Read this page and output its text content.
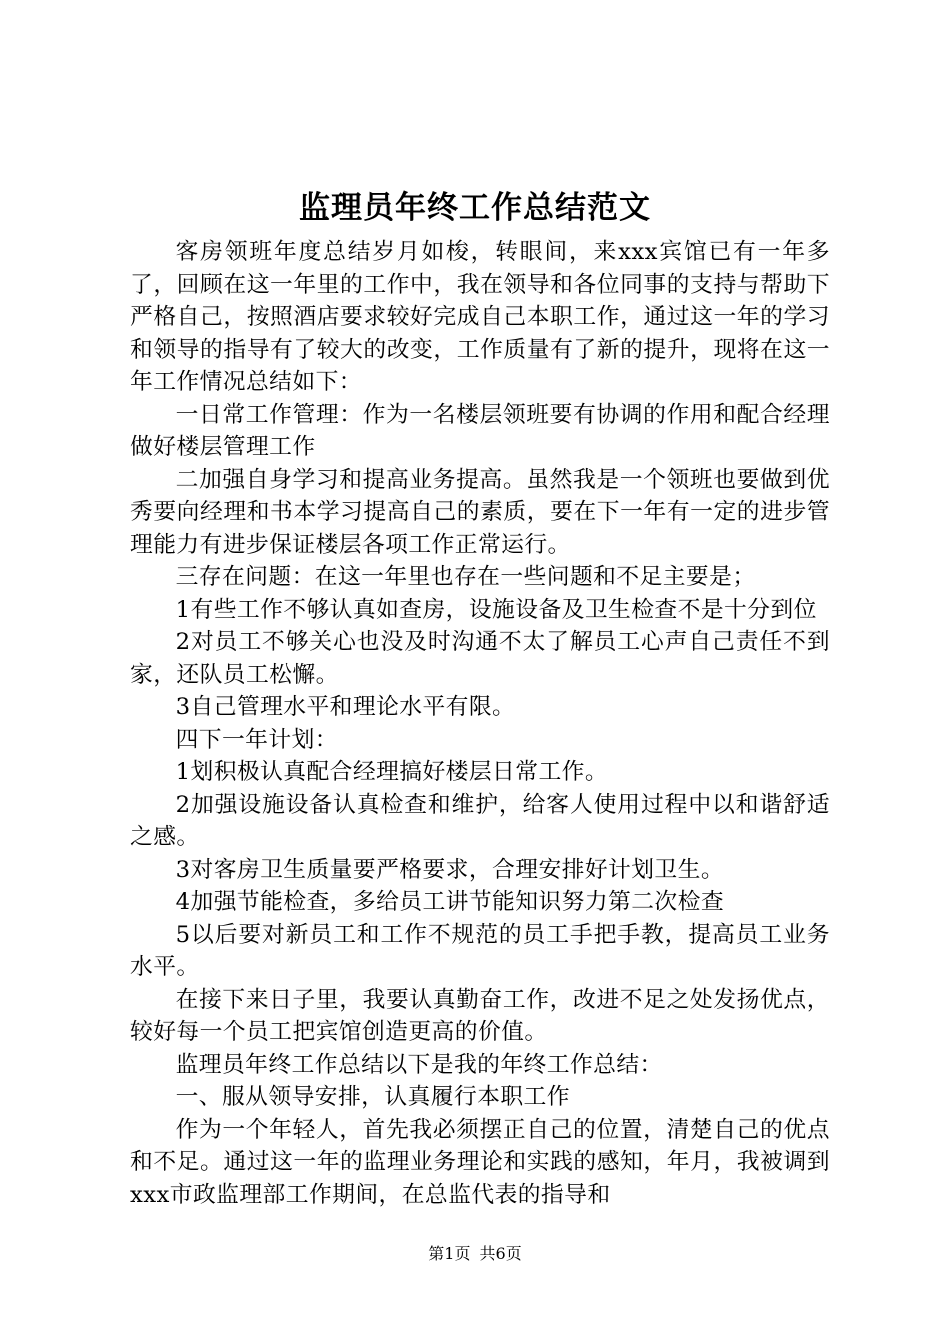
监理员年终工作总结范文

客房领班年度总结岁月如梭，转眼间，来xxx宾馆已有一年多了，回顾在这一年里的工作中，我在领导和各位同事的支持与帮助下严格自己，按照酒店要求较好完成自己本职工作，通过这一年的学习和领导的指导有了较大的改变，工作质量有了新的提升，现将在这一年工作情况总结如下：

一日常工作管理：作为一名楼层领班要有协调的作用和配合经理做好楼层管理工作

二加强自身学习和提高业务提高。虽然我是一个领班也要做到优秀要向经理和书本学习提高自己的素质，要在下一年有一定的进步管理能力有进步保证楼层各项工作正常运行。

三存在问题：在这一年里也存在一些问题和不足主要是；

1有些工作不够认真如查房，设施设备及卫生检查不是十分到位

2对员工不够关心也没及时沟通不太了解员工心声自己责任不到家，还队员工松懈。

3自己管理水平和理论水平有限。

四下一年计划：

1划积极认真配合经理搞好楼层日常工作。

2加强设施设备认真检查和维护，给客人使用过程中以和谐舒适之感。

3对客房卫生质量要严格要求，合理安排好计划卫生。

4加强节能检查，多给员工讲节能知识努力第二次检查

5以后要对新员工和工作不规范的员工手把手教，提高员工业务水平。

在接下来日子里，我要认真勤奋工作，改进不足之处发扬优点，较好每一个员工把宾馆创造更高的价值。

监理员年终工作总结以下是我的年终工作总结：

一、服从领导安排，认真履行本职工作

作为一个年轻人，首先我必须摆正自己的位置，清楚自己的优点和不足。通过这一年的监理业务理论和实践的感知，年月，我被调到xxx市政监理部工作期间，在总监代表的指导和

第1页 共6页
